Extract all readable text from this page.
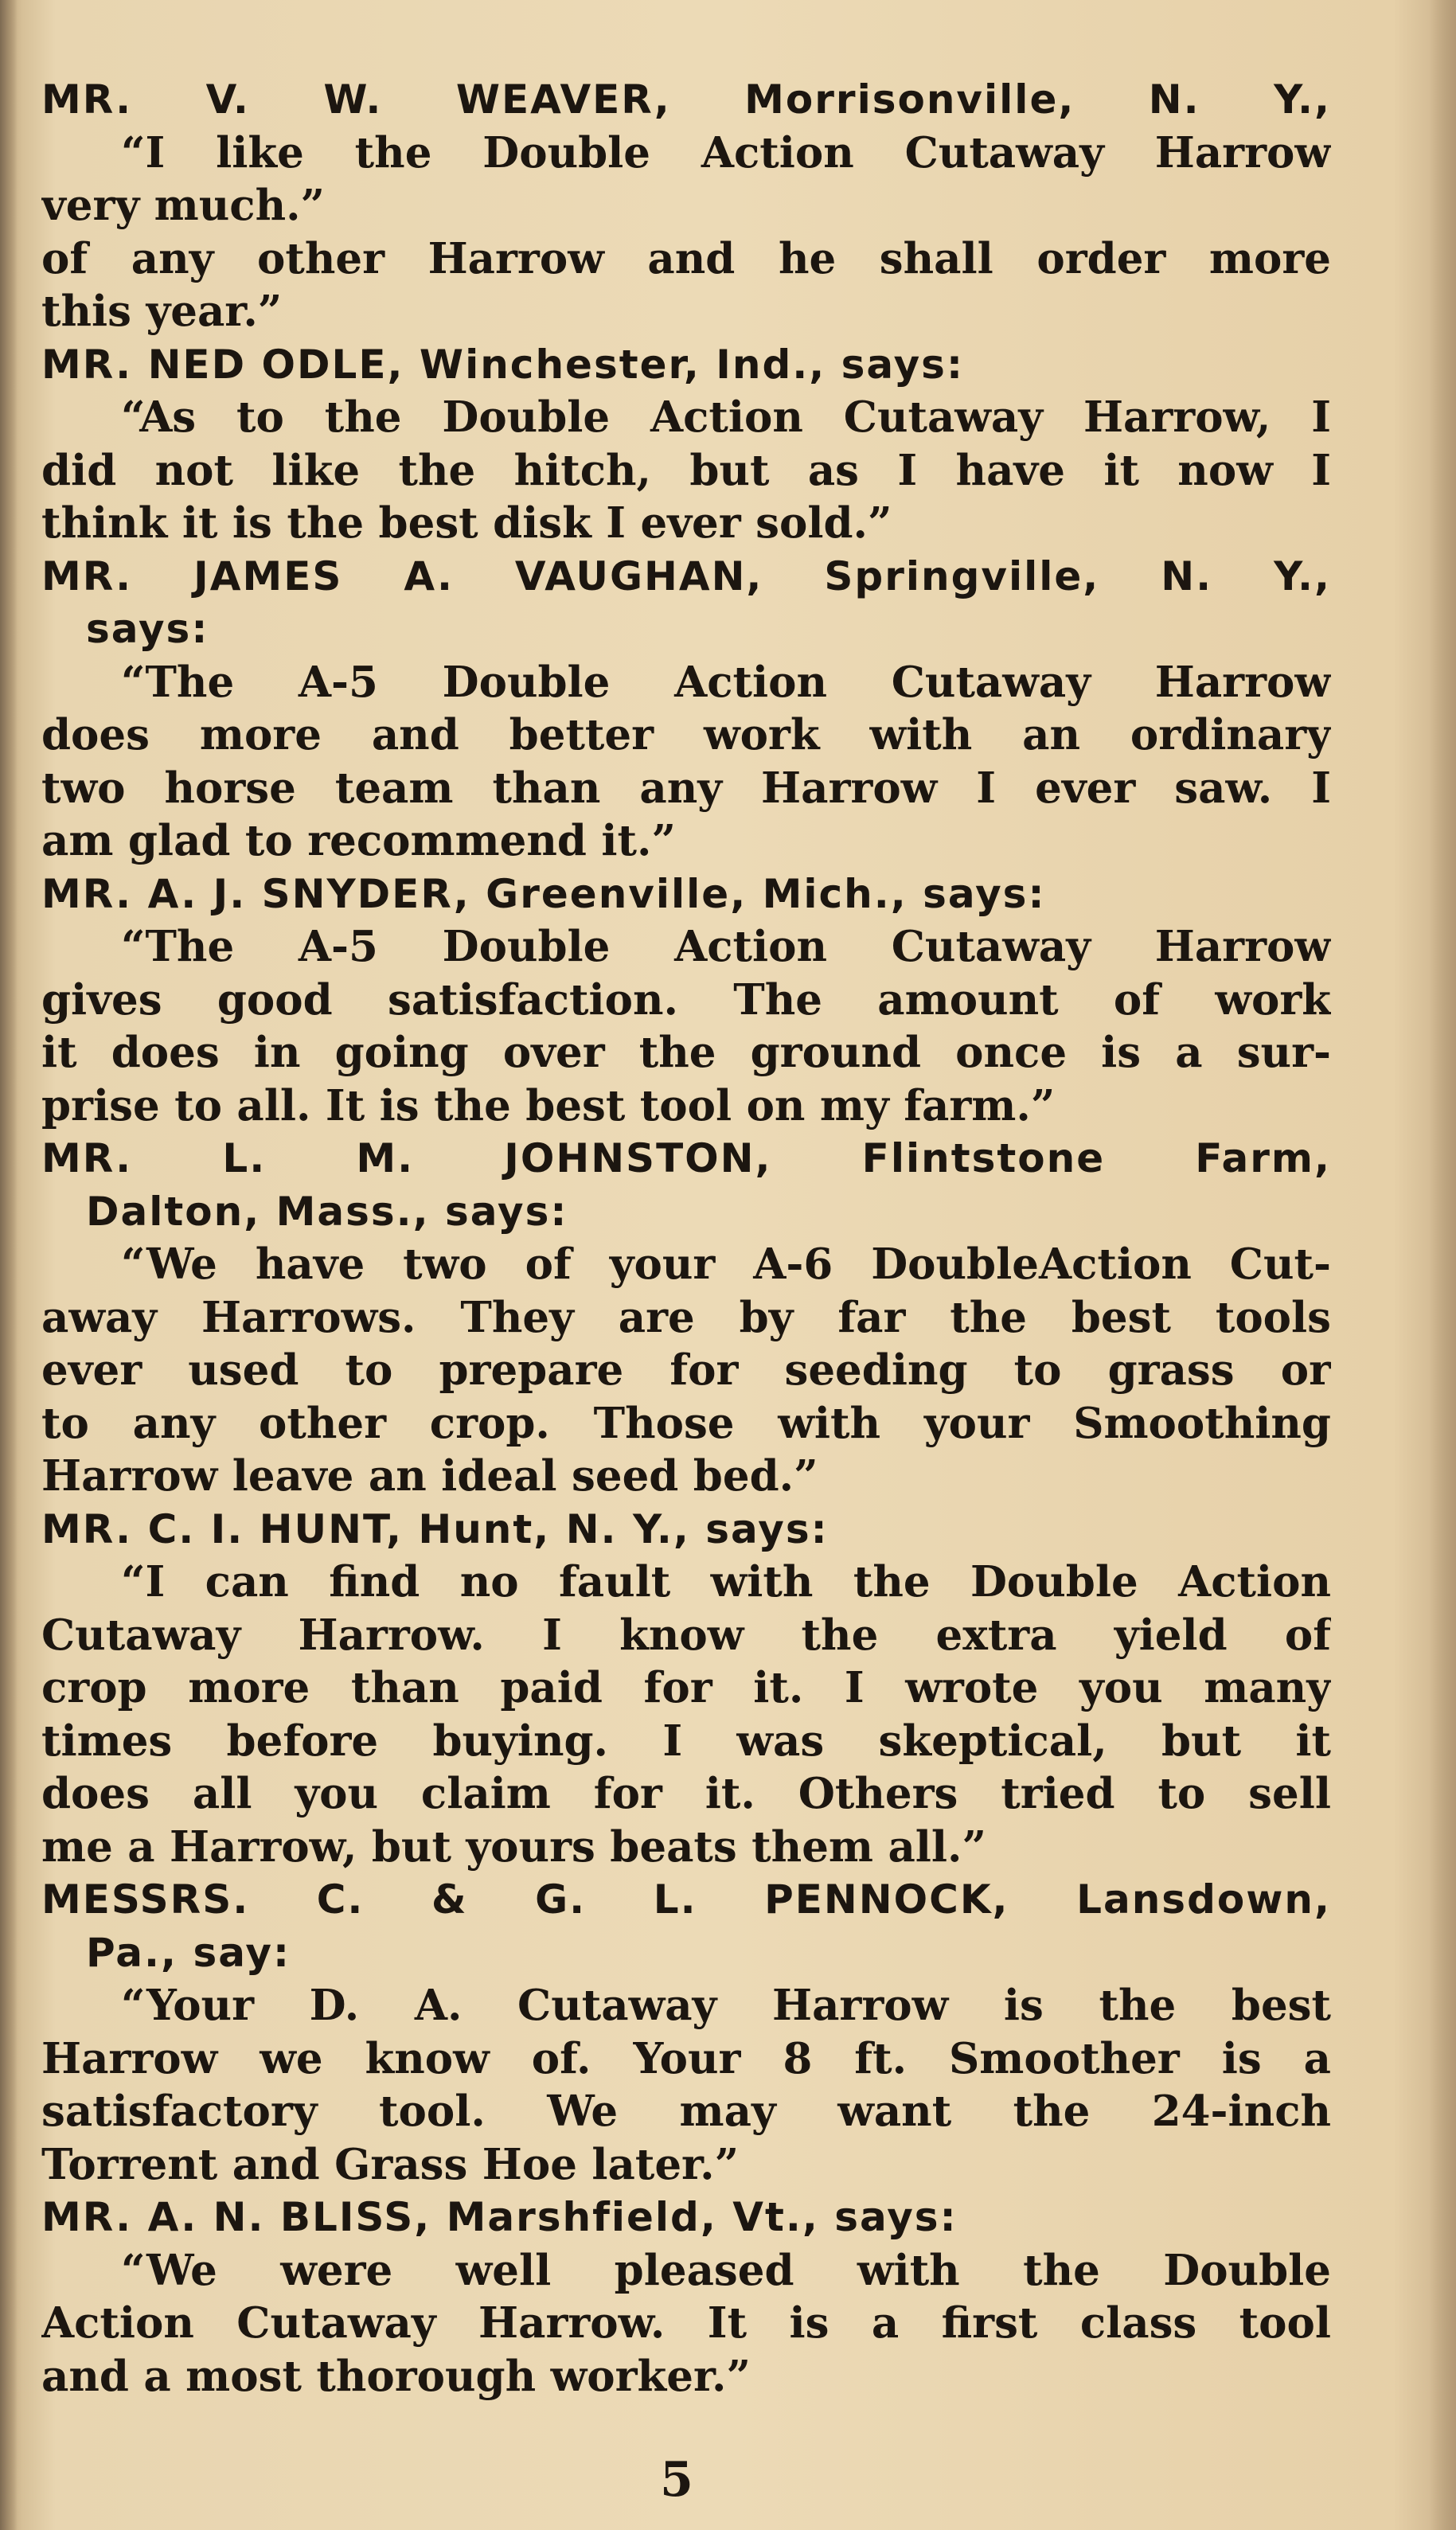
MR. V. W. WEAVER, Morrisonville, N. Y.,
“I like the Double Action Cutaway Harrow
very much.”
of any other Harrow and he shall order more
this year.”
MR. NED ODLE, Winchester, Ind., says:
“As to the Double Action Cutaway Harrow, I
did not like the hitch, but as I have it now I
think it is the best disk I ever sold.”
MR. JAMES A. VAUGHAN, Springville, N. Y.,
says:
“The A-5 Double Action Cutaway Harrow
does more and better work with an ordinary
two horse team than any Harrow I ever saw. I
am glad to recommend it.”
MR. A. J. SNYDER, Greenville, Mich., says:
“The A-5 Double Action Cutaway Harrow
gives good satisfaction. The amount of work
it does in going over the ground once is a sur-
prise to all. It is the best tool on my farm.”
MR. L. M. JOHNSTON, Flintstone Farm,
Dalton, Mass., says:
“We have two of your A-6 DoubleAction Cut-
away Harrows. They are by far the best tools
ever used to prepare for seeding to grass or
to any other crop. Those with your Smoothing
Harrow leave an ideal seed bed.”
MR. C. I. HUNT, Hunt, N. Y., says:
“I can find no fault with the Double Action
Cutaway Harrow. I know the extra yield of
crop more than paid for it. I wrote you many
times before buying. I was skeptical, but it
does all you claim for it. Others tried to sell
me a Harrow, but yours beats them all.”
MESSRS. C. & G. L. PENNOCK, Lansdown,
Pa., say:
“Your D. A. Cutaway Harrow is the best
Harrow we know of. Your 8 ft. Smoother is a
satisfactory tool. We may want the 24-inch
Torrent and Grass Hoe later.”
MR. A. N. BLISS, Marshfield, Vt., says:
“We were well pleased with the Double
Action Cutaway Harrow. It is a first class tool
and a most thorough worker.”
5
